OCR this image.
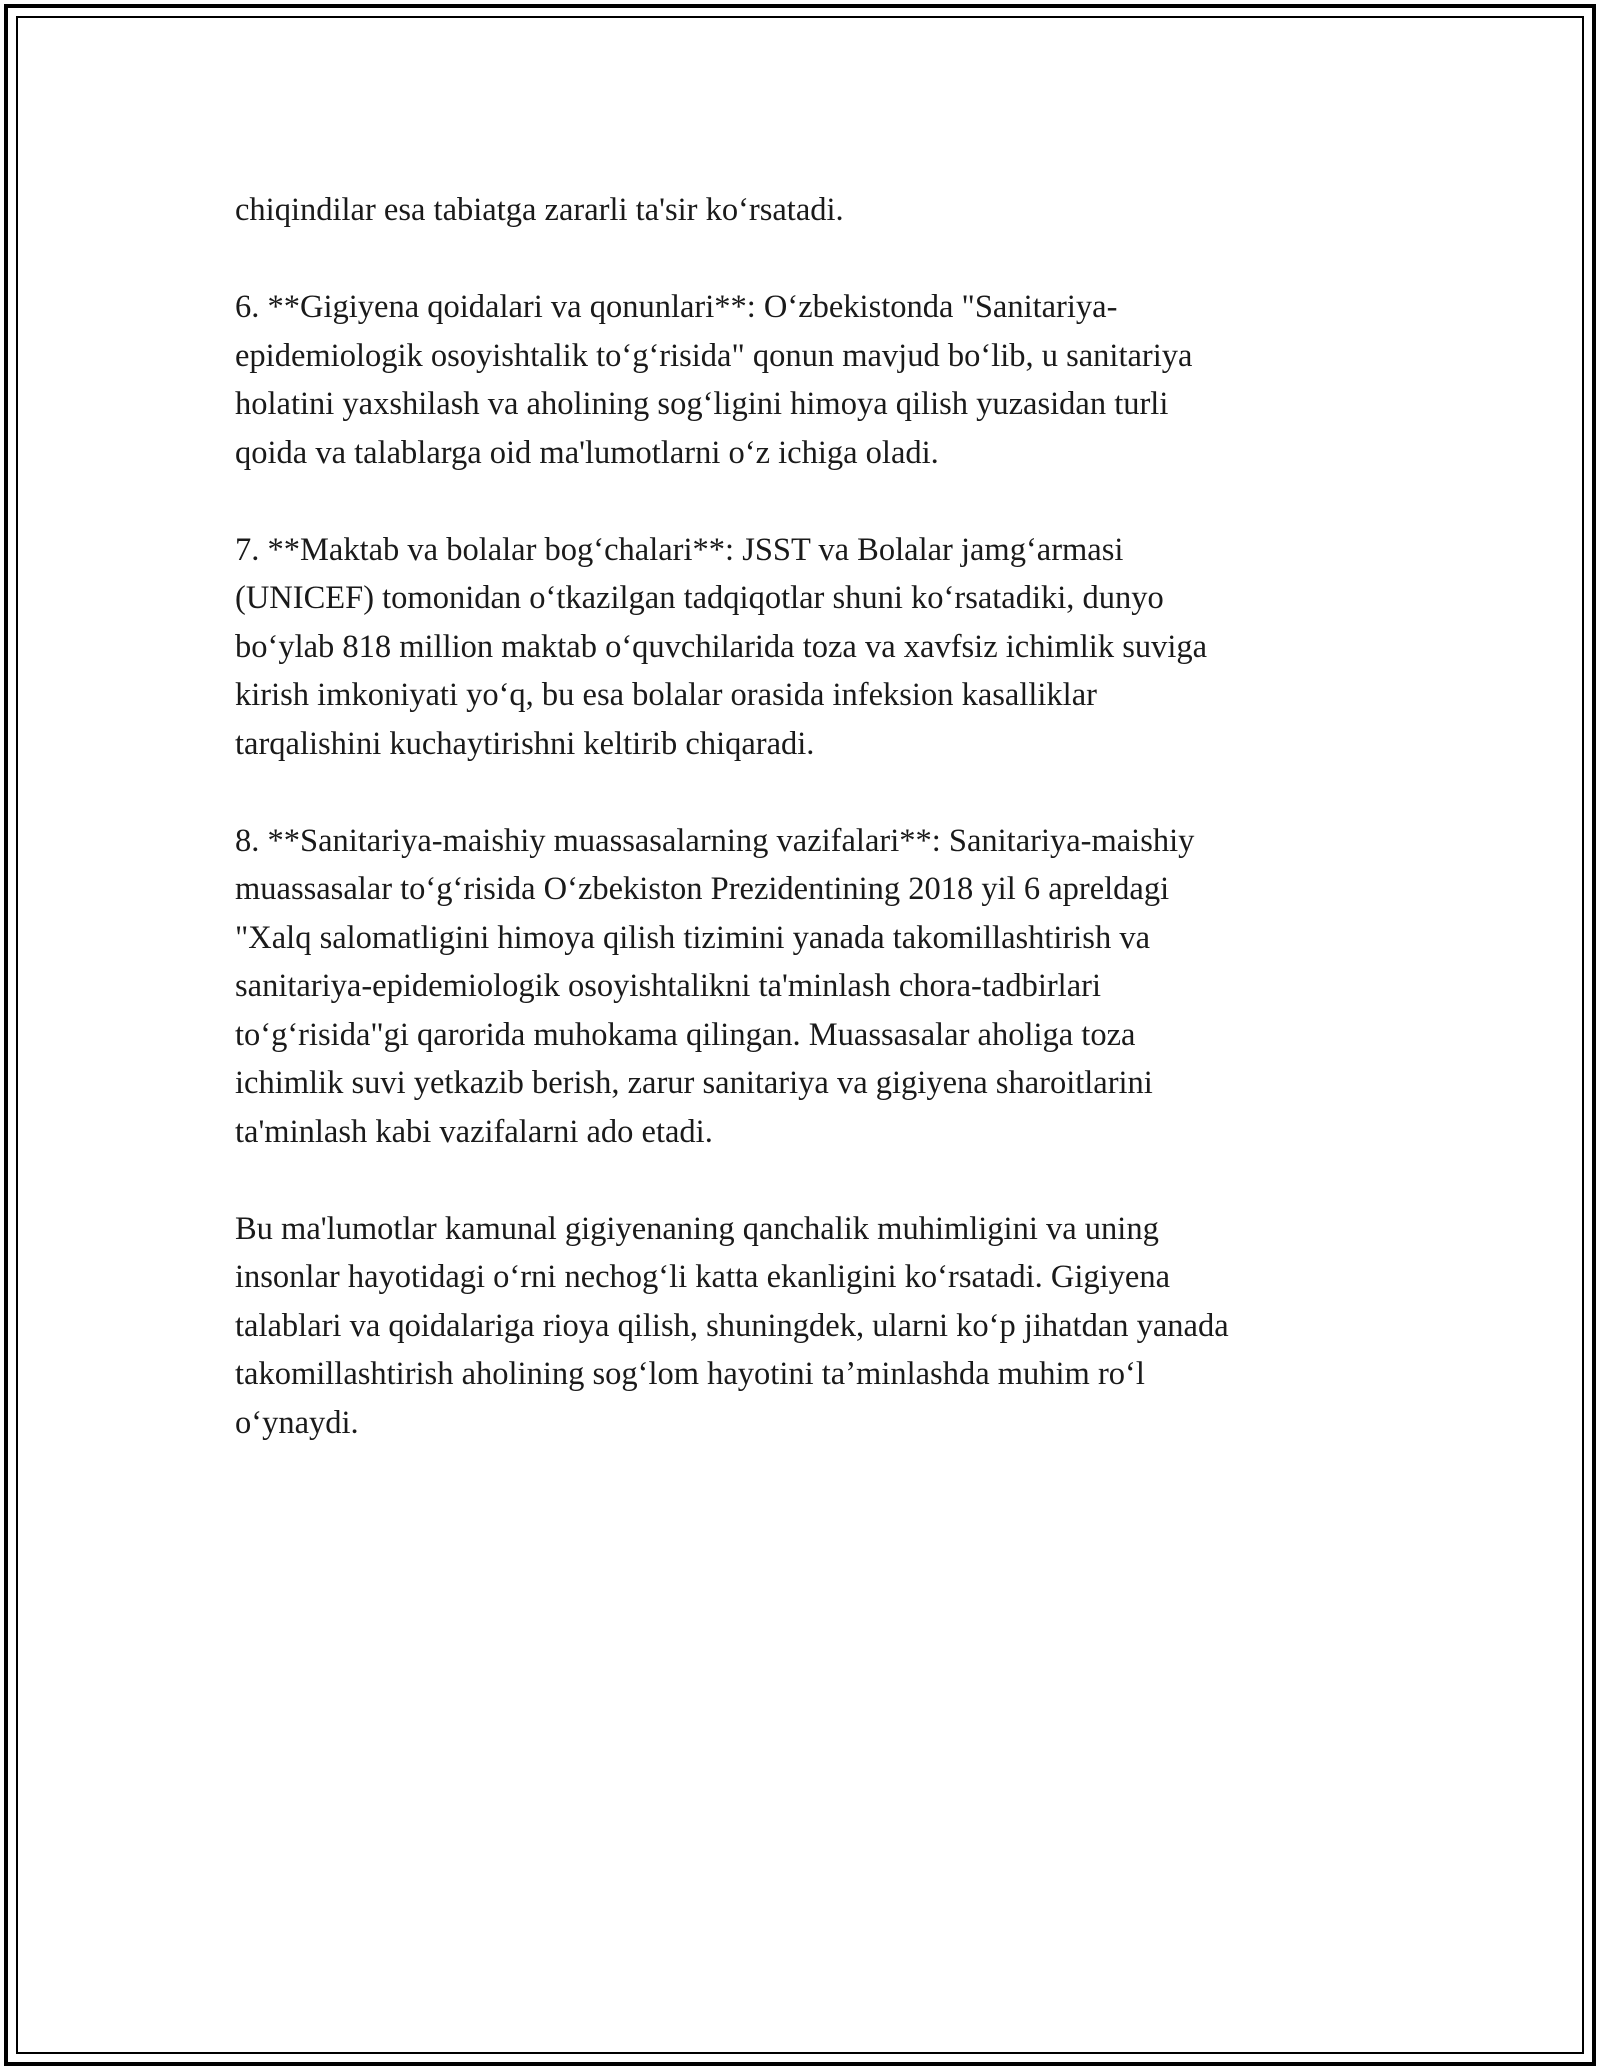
chiqindilar esa tabiatga zararli ta'sir koʻrsatadi.

6. **Gigiyena qoidalari va qonunlari**: Oʻzbekistonda "Sanitariya-
epidemiologik osoyishtalik toʻgʻrisida" qonun mavjud boʻlib, u sanitariya
holatini yaxshilash va aholining sogʻligini himoya qilish yuzasidan turli
qoida va talablarga oid ma'lumotlarni oʻz ichiga oladi.

7. **Maktab va bolalar bogʻchalari**: JSST va Bolalar jamgʻarmasi
(UNICEF) tomonidan oʻtkazilgan tadqiqotlar shuni koʻrsatadiki, dunyo
boʻylab 818 million maktab oʻquvchilarida toza va xavfsiz ichimlik suviga
kirish imkoniyati yoʻq, bu esa bolalar orasida infeksion kasalliklar
tarqalishini kuchaytirishni keltirib chiqaradi.

8. **Sanitariya-maishiy muassasalarning vazifalari**: Sanitariya-maishiy
muassasalar toʻgʻrisida Oʻzbekiston Prezidentining 2018 yil 6 apreldagi
"Xalq salomatligini himoya qilish tizimini yanada takomillashtirish va
sanitariya-epidemiologik osoyishtalikni ta'minlash chora-tadbirlari
toʻgʻrisida"gi qarorida muhokama qilingan. Muassasalar aholiga toza
ichimlik suvi yetkazib berish, zarur sanitariya va gigiyena sharoitlarini
ta'minlash kabi vazifalarni ado etadi.

Bu ma'lumotlar kamunal gigiyenaning qanchalik muhimligini va uning
insonlar hayotidagi oʻrni nechogʻli katta ekanligini koʻrsatadi. Gigiyena
talablari va qoidalariga rioya qilish, shuningdek, ularni koʻp jihatdan yanada
takomillashtirish aholining sogʻlom hayotini taʼminlashda muhim roʻl
oʻynaydi.
